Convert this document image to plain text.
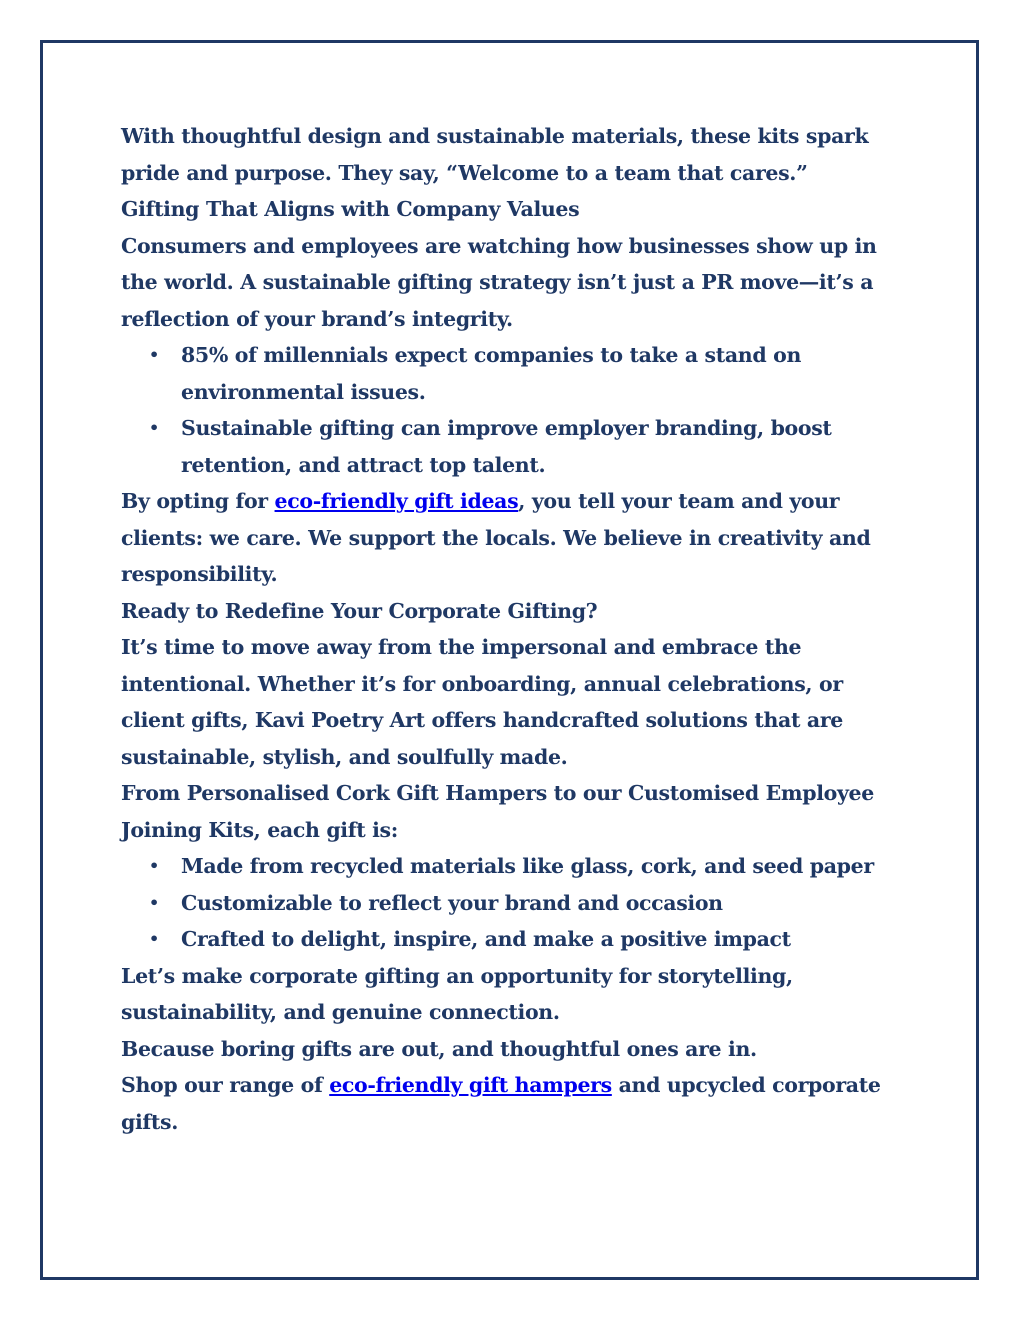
With thoughtful design and sustainable materials, these kits spark pride and purpose. They say, “Welcome to a team that cares.”

Gifting That Aligns with Company Values

Consumers and employees are watching how businesses show up in the world. A sustainable gifting strategy isn’t just a PR move—it’s a reflection of your brand’s integrity.

• 85% of millennials expect companies to take a stand on environmental issues.
• Sustainable gifting can improve employer branding, boost retention, and attract top talent.

By opting for eco-friendly gift ideas, you tell your team and your clients: we care. We support the locals. We believe in creativity and responsibility.

Ready to Redefine Your Corporate Gifting?

It’s time to move away from the impersonal and embrace the intentional. Whether it’s for onboarding, annual celebrations, or client gifts, Kavi Poetry Art offers handcrafted solutions that are sustainable, stylish, and soulfully made.

From Personalised Cork Gift Hampers to our Customised Employee Joining Kits, each gift is:

• Made from recycled materials like glass, cork, and seed paper
• Customizable to reflect your brand and occasion
• Crafted to delight, inspire, and make a positive impact

Let’s make corporate gifting an opportunity for storytelling, sustainability, and genuine connection.

Because boring gifts are out, and thoughtful ones are in.

Shop our range of eco-friendly gift hampers and upcycled corporate gifts.
